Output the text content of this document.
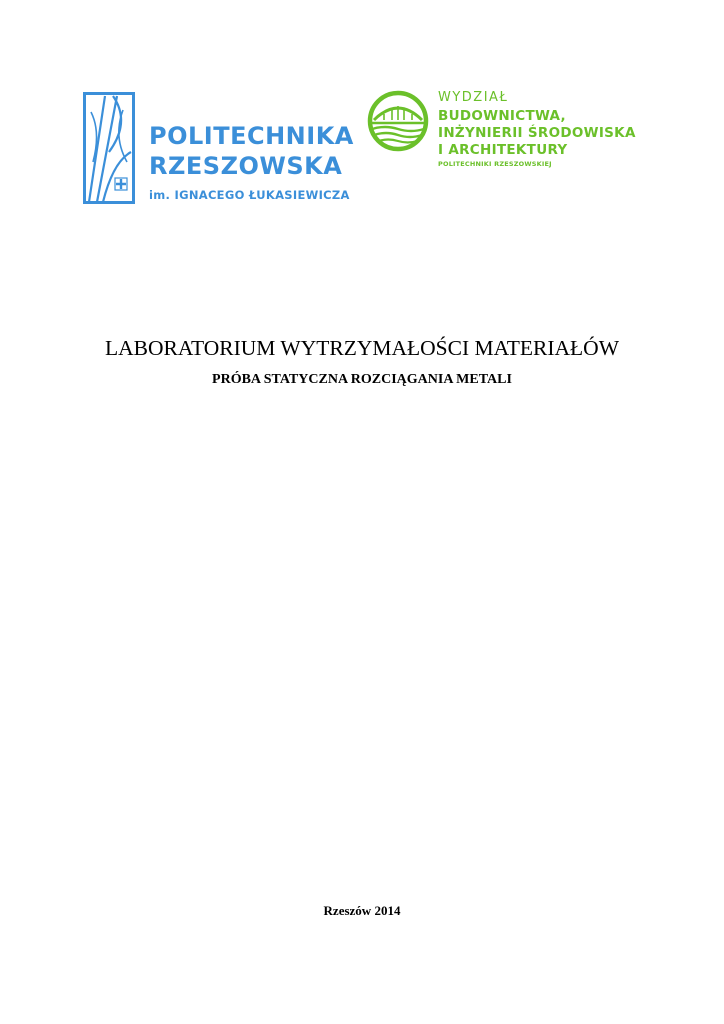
POLITECHNIKA
RZESZOWSKA
im. IGNACEGO ŁUKASIEWICZA
WYDZIAŁ
BUDOWNICTWA,
INŻYNIERII ŚRODOWISKA
I ARCHITEKTURY
POLITECHNIKI RZESZOWSKIEJ
LABORATORIUM WYTRZYMAŁOŚCI MATERIAŁÓW
PRÓBA STATYCZNA ROZCIĄGANIA METALI
Rzeszów 2014
